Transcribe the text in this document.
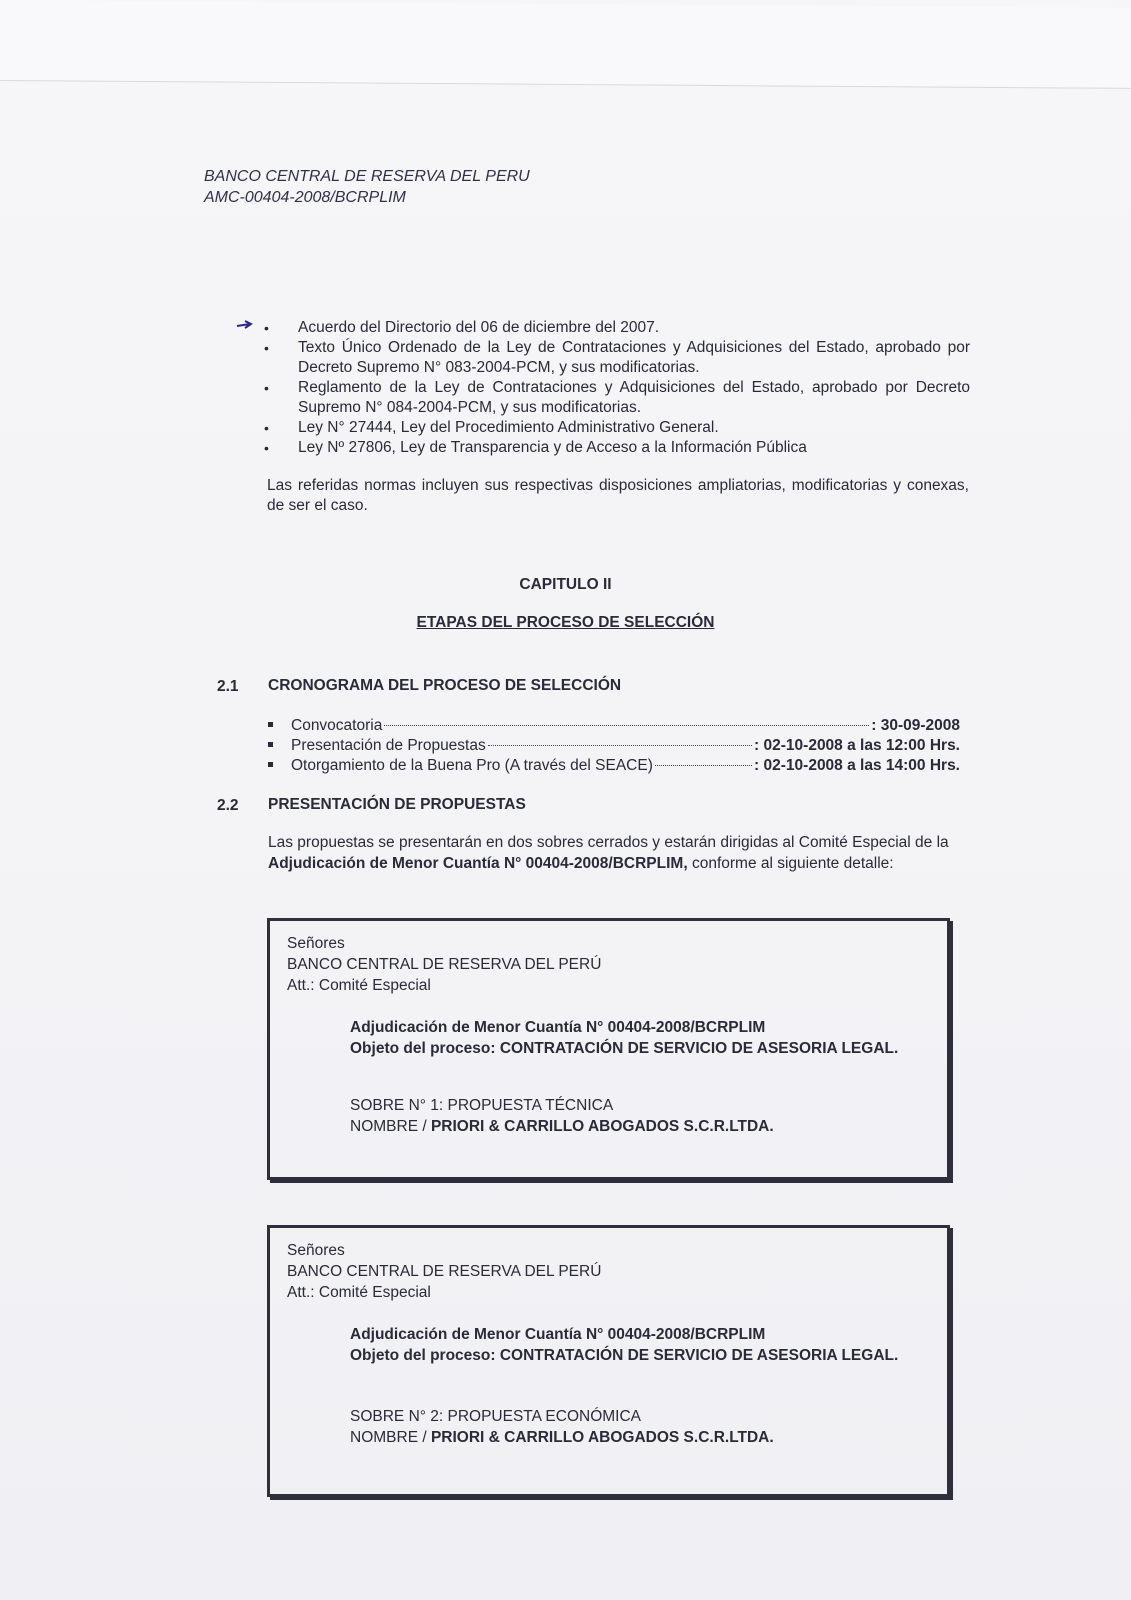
BANCO CENTRAL DE RESERVA DEL PERU
AMC-00404-2008/BCRPLIM
• Acuerdo del Directorio del 06 de diciembre del 2007.
• Texto Único Ordenado de la Ley de Contrataciones y Adquisiciones del Estado, aprobado por Decreto Supremo N° 083-2004-PCM, y sus modificatorias.
• Reglamento de la Ley de Contrataciones y Adquisiciones del Estado, aprobado por Decreto Supremo N° 084-2004-PCM, y sus modificatorias.
• Ley N° 27444, Ley del Procedimiento Administrativo General.
• Ley Nº 27806, Ley de Transparencia y de Acceso a la Información Pública
Las referidas normas incluyen sus respectivas disposiciones ampliatorias, modificatorias y conexas, de ser el caso.
CAPITULO II
ETAPAS DEL PROCESO DE SELECCIÓN
2.1 CRONOGRAMA DEL PROCESO DE SELECCIÓN
Convocatoria	: 30-09-2008
Presentación de Propuestas	: 02-10-2008 a las 12:00 Hrs.
Otorgamiento de la Buena Pro (A través del SEACE)	: 02-10-2008 a las 14:00 Hrs.
2.2 PRESENTACIÓN DE PROPUESTAS
Las propuestas se presentarán en dos sobres cerrados y estarán dirigidas al Comité Especial de la Adjudicación de Menor Cuantía N° 00404-2008/BCRPLIM, conforme al siguiente detalle:
Señores
BANCO CENTRAL DE RESERVA DEL PERÚ
Att.: Comité Especial
Adjudicación de Menor Cuantía N° 00404-2008/BCRPLIM
Objeto del proceso: CONTRATACIÓN DE SERVICIO DE ASESORIA LEGAL.
SOBRE N° 1: PROPUESTA TÉCNICA
NOMBRE / PRIORI & CARRILLO ABOGADOS S.C.R.LTDA.
Señores
BANCO CENTRAL DE RESERVA DEL PERÚ
Att.: Comité Especial
Adjudicación de Menor Cuantía N° 00404-2008/BCRPLIM
Objeto del proceso: CONTRATACIÓN DE SERVICIO DE ASESORIA LEGAL.
SOBRE N° 2: PROPUESTA ECONÓMICA
NOMBRE / PRIORI & CARRILLO ABOGADOS S.C.R.LTDA.
